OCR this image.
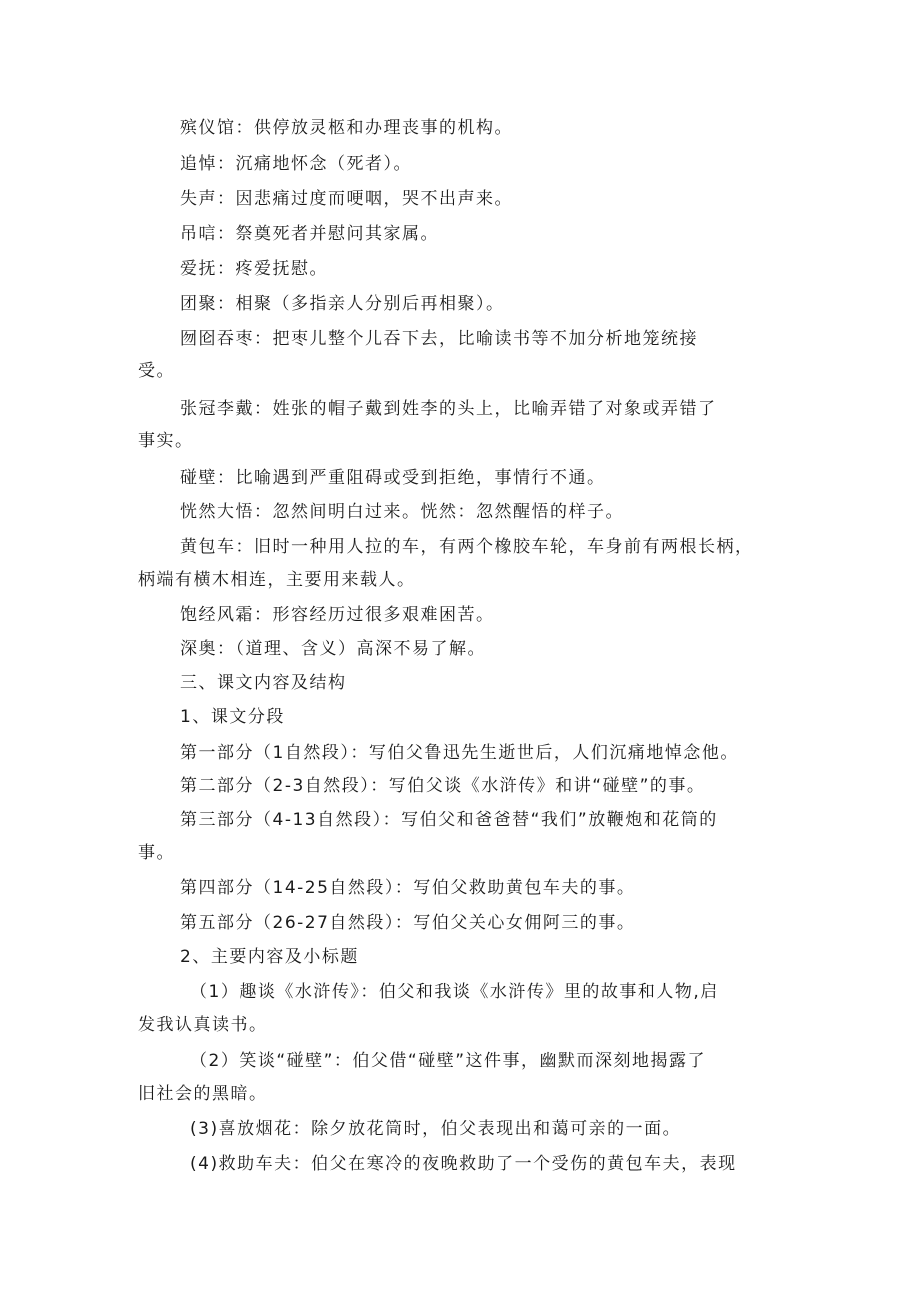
殡仪馆：供停放灵柩和办理丧事的机构。
追悼：沉痛地怀念（死者）。
失声：因悲痛过度而哽咽，哭不出声来。
吊唁：祭奠死者并慰问其家属。
爱抚：疼爱抚慰。
团聚：相聚（多指亲人分别后再相聚）。
囫囵吞枣：把枣儿整个儿吞下去，比喻读书等不加分析地笼统接
受。
张冠李戴：姓张的帽子戴到姓李的头上，比喻弄错了对象或弄错了
事实。
碰壁：比喻遇到严重阻碍或受到拒绝，事情行不通。
恍然大悟：忽然间明白过来。恍然：忽然醒悟的样子。
黄包车：旧时一种用人拉的车，有两个橡胶车轮，车身前有两根长柄，
柄端有横木相连，主要用来载人。
饱经风霜：形容经历过很多艰难困苦。
深奥：（道理、含义）高深不易了解。
三、课文内容及结构
1、课文分段
第一部分（1自然段）：写伯父鲁迅先生逝世后，人们沉痛地悼念他。
第二部分（2-3自然段）：写伯父谈《水浒传》和讲“碰壁”的事。
第三部分（4-13自然段）：写伯父和爸爸替“我们”放鞭炮和花筒的
事。
第四部分（14-25自然段）：写伯父救助黄包车夫的事。
第五部分（26-27自然段）：写伯父关心女佣阿三的事。
2、主要内容及小标题
（1）趣谈《水浒传》：伯父和我谈《水浒传》里的故事和人物,启
发我认真读书。
（2）笑谈“碰壁”：伯父借“碰壁”这件事，幽默而深刻地揭露了
旧社会的黑暗。
(3)喜放烟花：除夕放花筒时，伯父表现出和蔼可亲的一面。
(4)救助车夫：伯父在寒冷的夜晚救助了一个受伤的黄包车夫，表现
